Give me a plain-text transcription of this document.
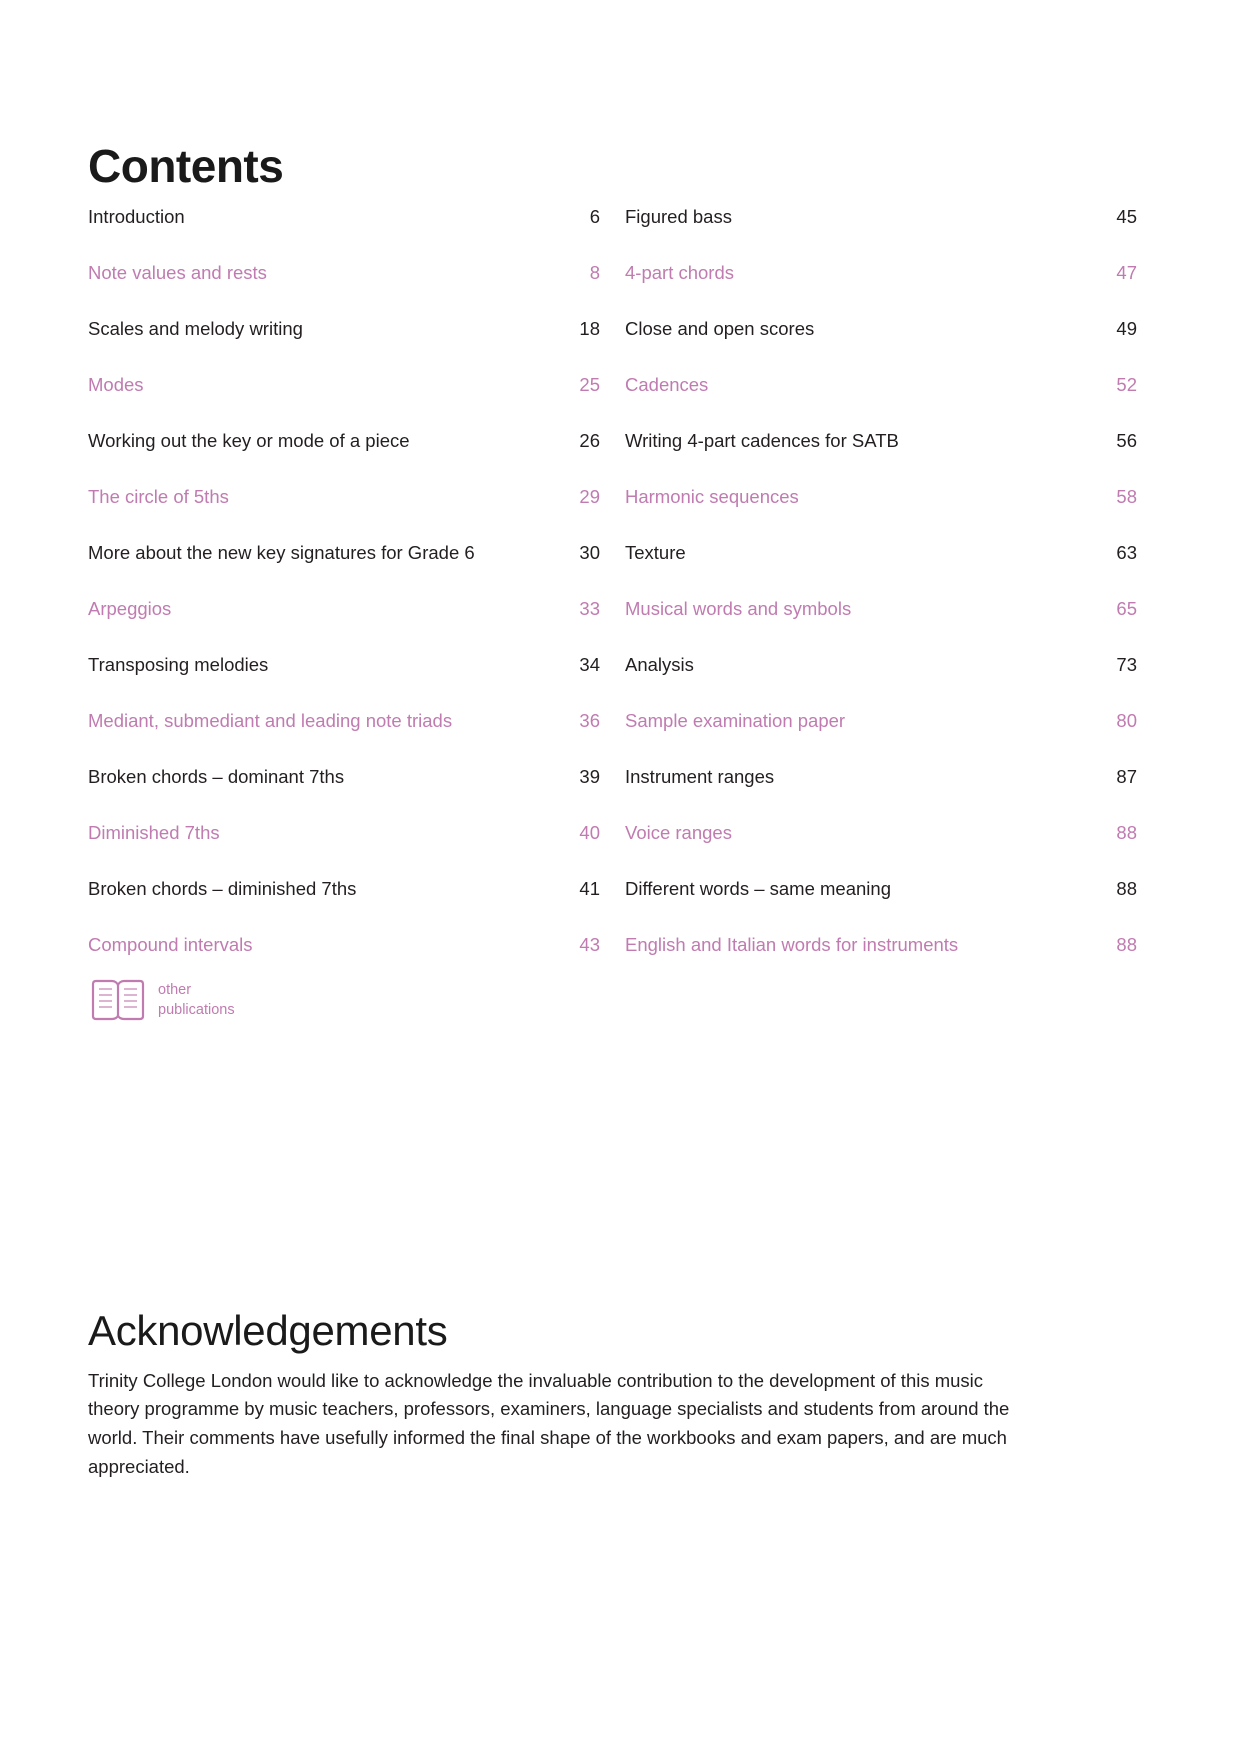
Contents
Introduction .....	6
Note values and rests .....	8
Scales and melody writing .....	18
Modes .....	25
Working out the key or mode of a piece .....	26
The circle of 5ths .....	29
More about the new key signatures for Grade 6 .....	30
Arpeggios .....	33
Transposing melodies .....	34
Mediant, submediant and leading note triads .....	36
Broken chords – dominant 7ths .....	39
Diminished 7ths .....	40
Broken chords – diminished 7ths .....	41
Compound intervals .....	43
Figured bass .....	45
4-part chords .....	47
Close and open scores .....	49
Cadences .....	52
Writing 4-part cadences for SATB .....	56
Harmonic sequences .....	58
Texture .....	63
Musical words and symbols .....	65
Analysis .....	73
Sample examination paper .....	80
Instrument ranges .....	87
Voice ranges .....	88
Different words – same meaning .....	88
English and Italian words for instruments .....	88
other
publications
Acknowledgements

Trinity College London would like to acknowledge the invaluable contribution to the development of this music theory programme by music teachers, professors, examiners, language specialists and students from around the world. Their comments have usefully informed the final shape of the workbooks and exam papers, and are much appreciated.
